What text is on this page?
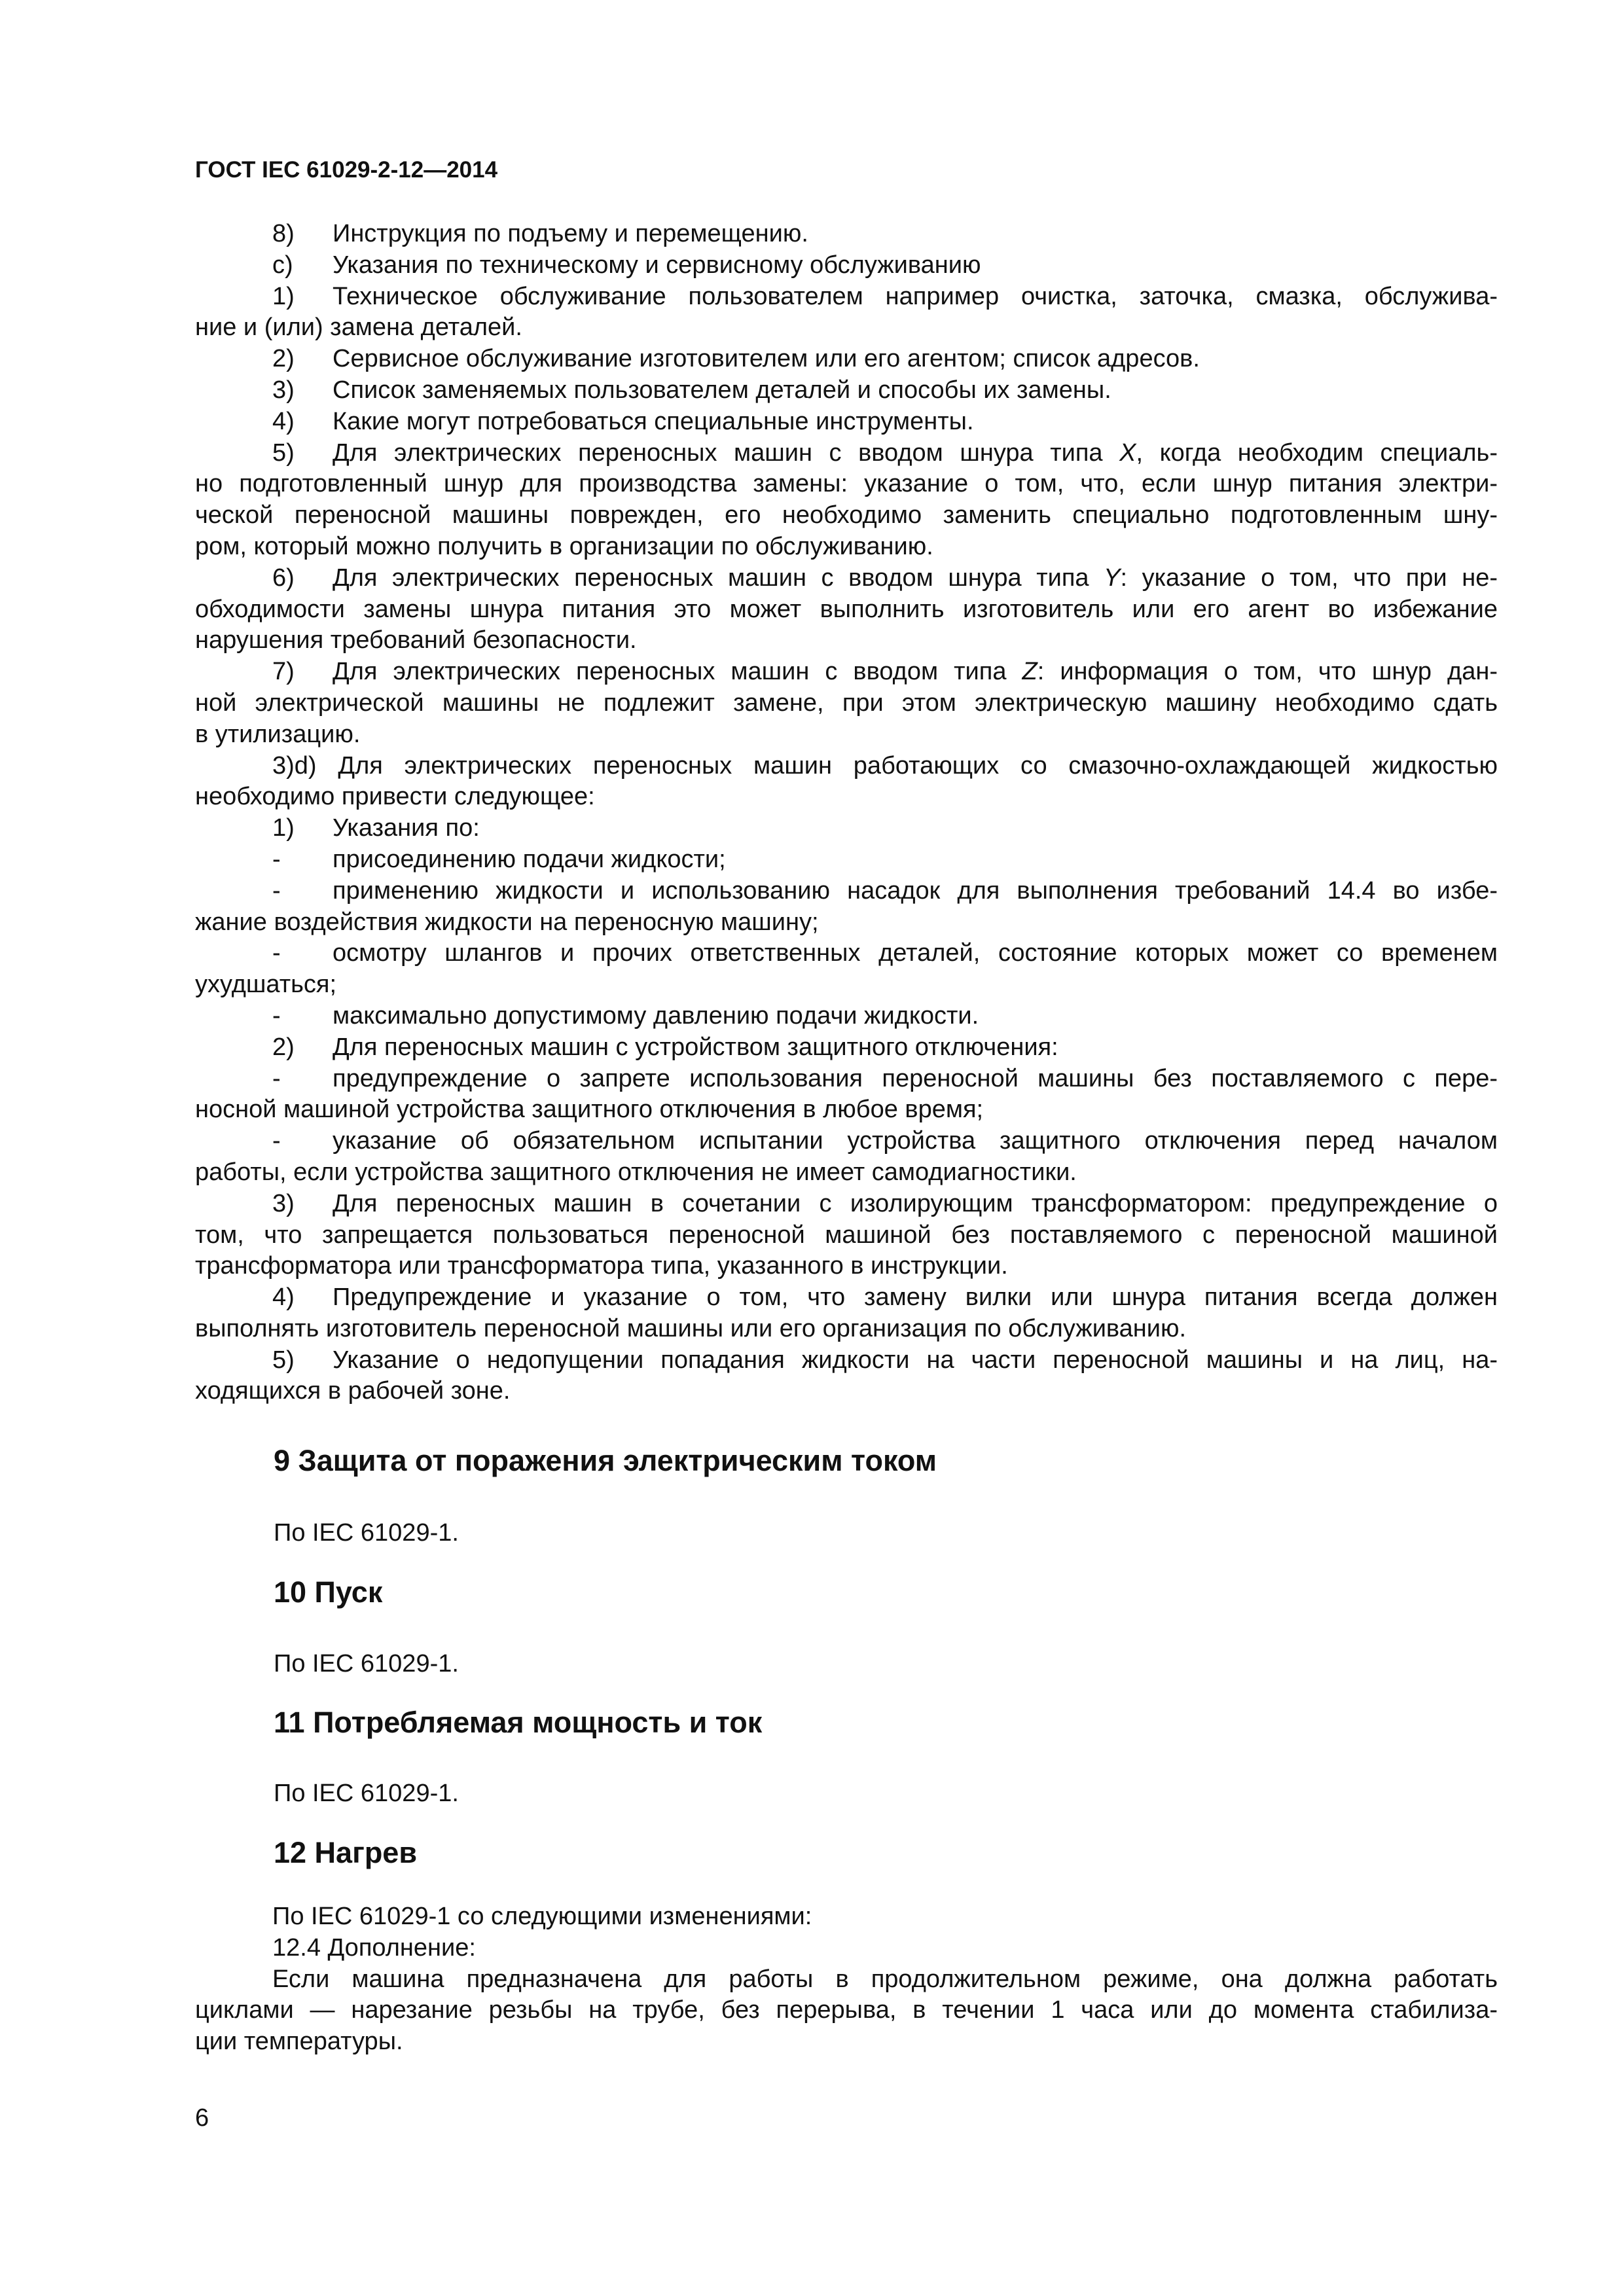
ГОСТ IEC 61029-2-12—2014
8) Инструкция по подъему и перемещению.
c) Указания по техническому и сервисному обслуживанию
1) Техническое обслуживание пользователем например очистка, заточка, смазка, обслужива-
ние и (или) замена деталей.
2) Сервисное обслуживание изготовителем или его агентом; список адресов.
3) Список заменяемых пользователем деталей и способы их замены.
4) Какие могут потребоваться специальные инструменты.
5) Для электрических переносных машин с вводом шнура типа X, когда необходим специаль-
но подготовленный шнур для производства замены: указание о том, что, если шнур питания электри-
ческой переносной машины поврежден, его необходимо заменить специально подготовленным шну-
ром, который можно получить в организации по обслуживанию.
6) Для электрических переносных машин с вводом шнура типа Y: указание о том, что при не-
обходимости замены шнура питания это может выполнить изготовитель или его агент во избежание
нарушения требований безопасности.
7) Для электрических переносных машин с вводом типа Z: информация о том, что шнур дан-
ной электрической машины не подлежит замене, при этом электрическую машину необходимо сдать
в утилизацию.
3)d) Для электрических переносных машин работающих со смазочно-охлаждающей жидкостью
необходимо привести следующее:
1) Указания по:
- присоединению подачи жидкости;
- применению жидкости и использованию насадок для выполнения требований 14.4 во избе-
жание воздействия жидкости на переносную машину;
- осмотру шлангов и прочих ответственных деталей, состояние которых может со временем
ухудшаться;
- максимально допустимому давлению подачи жидкости.
2) Для переносных машин с устройством защитного отключения:
- предупреждение о запрете использования переносной машины без поставляемого с пере-
носной машиной устройства защитного отключения в любое время;
- указание об обязательном испытании устройства защитного отключения перед началом
работы, если устройства защитного отключения не имеет самодиагностики.
3) Для переносных машин в сочетании с изолирующим трансформатором: предупреждение о
том, что запрещается пользоваться переносной машиной без поставляемого с переносной машиной
трансформатора или трансформатора типа, указанного в инструкции.
4) Предупреждение и указание о том, что замену вилки или шнура питания всегда должен
выполнять изготовитель переносной машины или его организация по обслуживанию.
5) Указание о недопущении попадания жидкости на части переносной машины и на лиц, на-
ходящихся в рабочей зоне.
9 Защита от поражения электрическим током
По IEC 61029-1.
10 Пуск
По IEC 61029-1.
11 Потребляемая мощность и ток
По IEC 61029-1.
12 Нагрев
По IEC 61029-1 со следующими изменениями:
12.4 Дополнение:
Если машина предназначена для работы в продолжительном режиме, она должна работать
циклами — нарезание резьбы на трубе, без перерыва, в течении 1 часа или до момента стабилиза-
ции температуры.
6
